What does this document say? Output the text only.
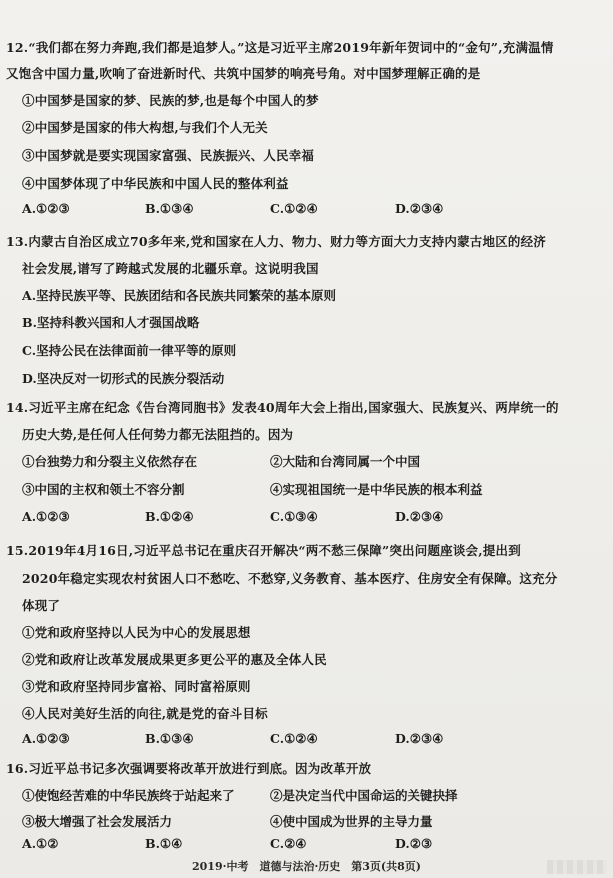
12.“我们都在努力奔跑,我们都是追梦人。”这是习近平主席2019年新年贺词中的“金句”,充满温情
又饱含中国力量,吹响了奋进新时代、共筑中国梦的响亮号角。对中国梦理解正确的是
①中国梦是国家的梦、民族的梦,也是每个中国人的梦
②中国梦是国家的伟大构想,与我们个人无关
③中国梦就是要实现国家富强、民族振兴、人民幸福
④中国梦体现了中华民族和中国人民的整体利益
A.①②③	B.①③④	C.①②④	D.②③④
13.内蒙古自治区成立70多年来,党和国家在人力、物力、财力等方面大力支持内蒙古地区的经济
社会发展,谱写了跨越式发展的北疆乐章。这说明我国
A.坚持民族平等、民族团结和各民族共同繁荣的基本原则
B.坚持科教兴国和人才强国战略
C.坚持公民在法律面前一律平等的原则
D.坚决反对一切形式的民族分裂活动
14.习近平主席在纪念《告台湾同胞书》发表40周年大会上指出,国家强大、民族复兴、两岸统一的
历史大势,是任何人任何势力都无法阻挡的。因为
①台独势力和分裂主义依然存在	②大陆和台湾同属一个中国
③中国的主权和领土不容分割	④实现祖国统一是中华民族的根本利益
A.①②③	B.①②④	C.①③④	D.②③④
15.2019年4月16日,习近平总书记在重庆召开解决“两不愁三保障”突出问题座谈会,提出到
2020年稳定实现农村贫困人口不愁吃、不愁穿,义务教育、基本医疗、住房安全有保障。这充分
体现了
①党和政府坚持以人民为中心的发展思想
②党和政府让改革发展成果更多更公平的惠及全体人民
③党和政府坚持同步富裕、同时富裕原则
④人民对美好生活的向往,就是党的奋斗目标
A.①②③	B.①③④	C.①②④	D.②③④
16.习近平总书记多次强调要将改革开放进行到底。因为改革开放
①使饱经苦难的中华民族终于站起来了	②是决定当代中国命运的关键抉择
③极大增强了社会发展活力	④使中国成为世界的主导力量
A.①②	B.①④	C.②④	D.②③
2019·中考　道德与法治·历史　第3页(共8页)
